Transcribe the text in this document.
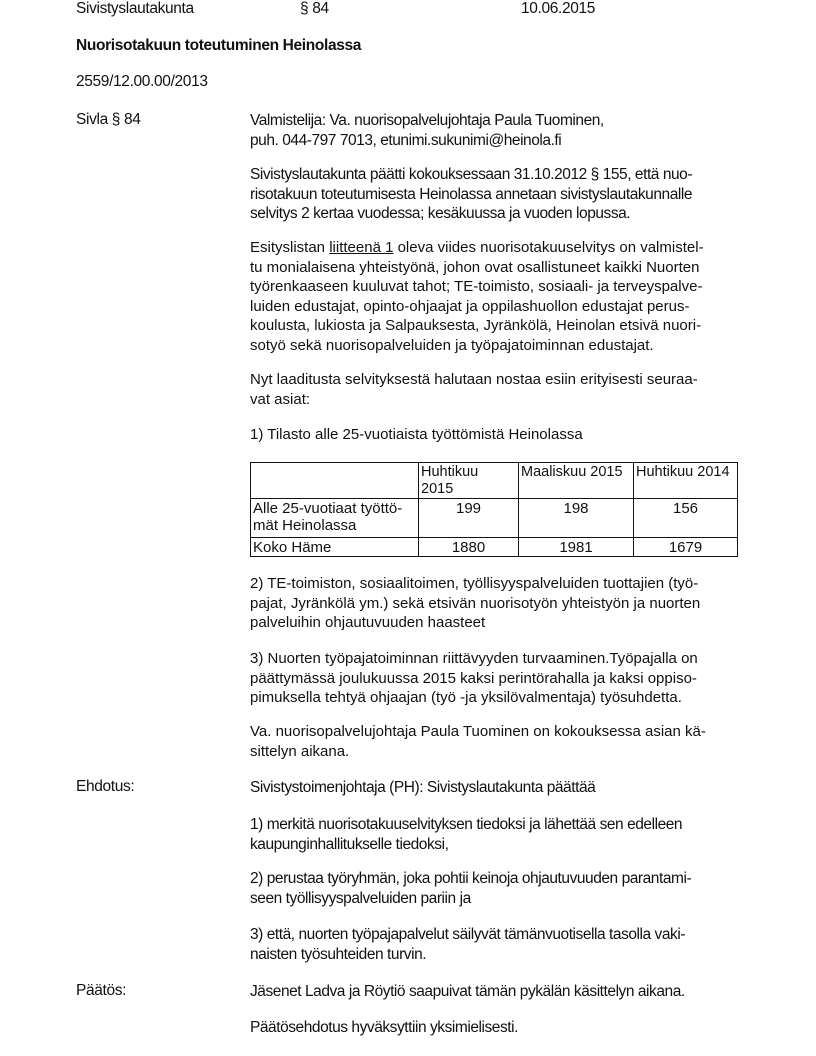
Sivistyslautakunta	§ 84	10.06.2015
Nuorisotakuun toteutuminen Heinolassa
2559/12.00.00/2013
Sivla § 84	Valmistelija: Va. nuorisopalvelujohtaja Paula Tuominen,
puh. 044-797 7013, etunimi.sukunimi@heinola.fi
Sivistyslautakunta päätti kokouksessaan 31.10.2012 § 155, että nuo-
risotakuun toteutumisesta Heinolassa annetaan sivistyslautakunnalle
selvitys 2 kertaa vuodessa; kesäkuussa ja vuoden lopussa.
Esityslistan liitteenä 1 oleva viides nuorisotakuuselvitys on valmistel-
tu monialaisena yhteistyönä, johon ovat osallistuneet kaikki Nuorten
työrenkaaseen kuuluvat tahot; TE-toimisto, sosiaali- ja terveyspalve-
luiden edustajat, opinto-ohjaajat ja oppilashuollon edustajat perus-
koulusta, lukiosta ja Salpauksesta, Jyränkölä, Heinolan etsivä nuori-
sotyö sekä nuorisopalveluiden ja työpajatoiminnan edustajat.
Nyt laaditusta selvityksestä halutaan nostaa esiin erityisesti seuraa-
vat asiat:
1) Tilasto alle 25-vuotiaista työttömistä Heinolassa

	Huhtikuu
2015	Maaliskuu 2015	Huhtikuu 2014

Alle 25-vuotiaat työttö-
mät Heinolassa	199	198	156
Koko Häme	1880	1981	1679
2) TE-toimiston, sosiaalitoimen, työllisyyspalveluiden tuottajien (työ-
pajat, Jyränkölä ym.) sekä etsivän nuorisotyön yhteistyön ja nuorten
palveluihin ohjautuvuuden haasteet
3) Nuorten työpajatoiminnan riittävyyden turvaaminen.Työpajalla on
päättymässä joulukuussa 2015 kaksi perintörahalla ja kaksi oppiso-
pimuksella tehtyä ohjaajan (työ -ja yksilövalmentaja) työsuhdetta.
Va. nuorisopalvelujohtaja Paula Tuominen on kokouksessa asian kä-
sittelyn aikana.
Ehdotus:	Sivistystoimenjohtaja (PH): Sivistyslautakunta päättää
1) merkitä nuorisotakuuselvityksen tiedoksi ja lähettää sen edelleen
kaupunginhallitukselle tiedoksi,
2) perustaa työryhmän, joka pohtii keinoja ohjautuvuuden parantami-
seen työllisyyspalveluiden pariin ja
3) että, nuorten työpajapalvelut säilyvät tämänvuotisella tasolla vaki-
naisten työsuhteiden turvin.
Päätös:	Jäsenet Ladva ja Röytiö saapuivat tämän pykälän käsittelyn aikana.
Päätösehdotus hyväksyttiin yksimielisesti.
